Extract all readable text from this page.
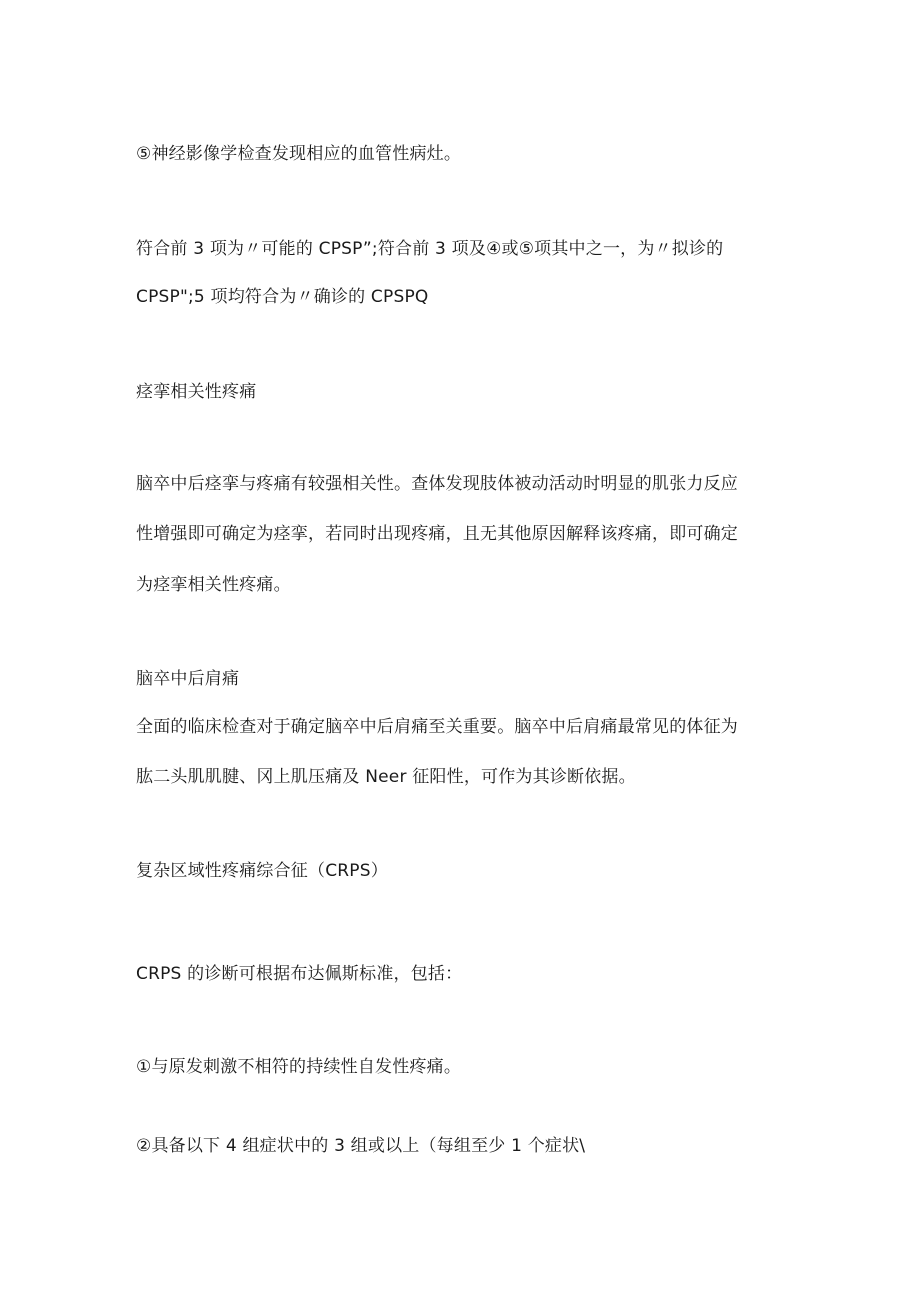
⑤神经影像学检查发现相应的血管性病灶。
符合前 3 项为〃可能的 CPSP”;符合前 3 项及④或⑤项其中之一，为〃拟诊的
CPSP";5 项均符合为〃确诊的 CPSPQ
痉挛相关性疼痛
脑卒中后痉挛与疼痛有较强相关性。查体发现肢体被动活动时明显的肌张力反应
性增强即可确定为痉挛，若同时出现疼痛，且无其他原因解释该疼痛，即可确定
为痉挛相关性疼痛。
脑卒中后肩痛
全面的临床检查对于确定脑卒中后肩痛至关重要。脑卒中后肩痛最常见的体征为
肱二头肌肌腱、冈上肌压痛及 Neer 征阳性，可作为其诊断依据。
复杂区域性疼痛综合征（CRPS）
CRPS 的诊断可根据布达佩斯标准，包括：
①与原发刺激不相符的持续性自发性疼痛。
②具备以下 4 组症状中的 3 组或以上（每组至少 1 个症状\
